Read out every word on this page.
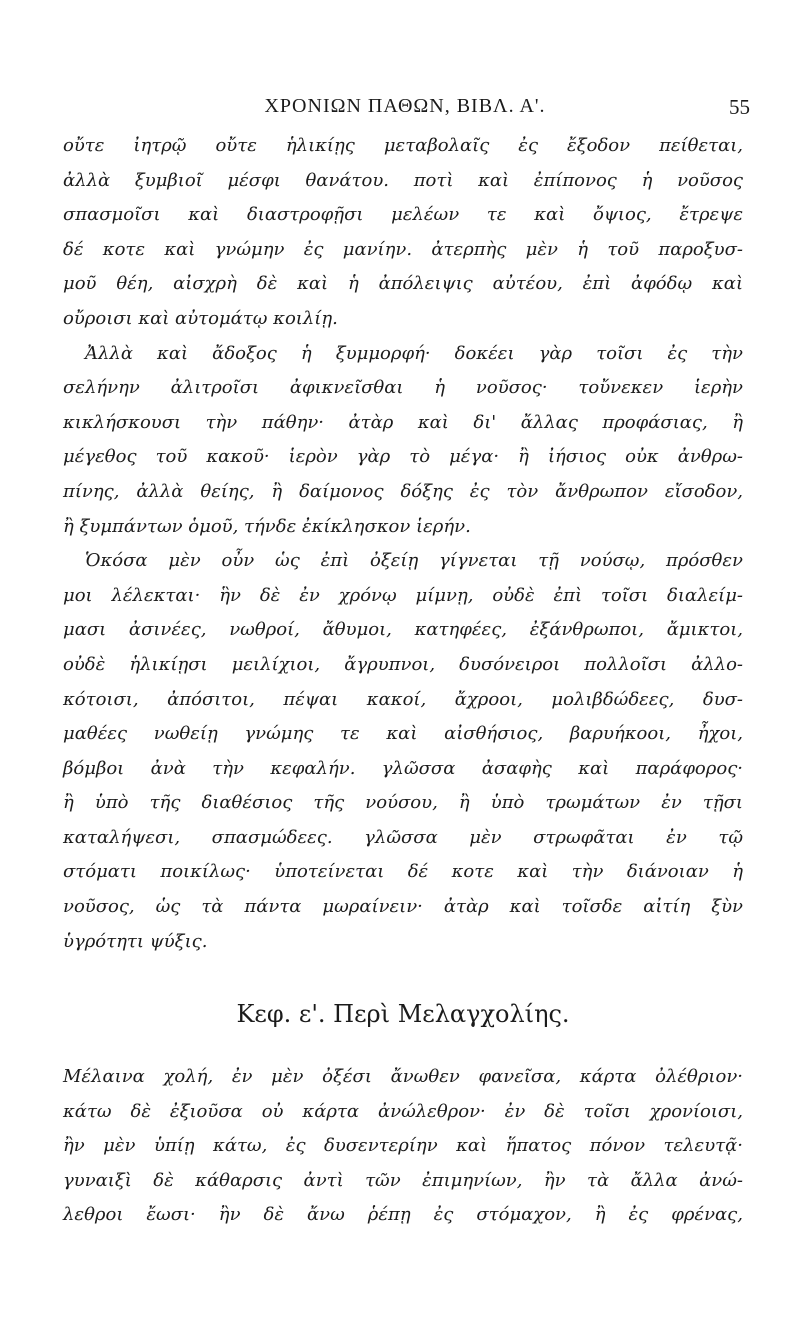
ΧΡΟΝΙΩΝ ΠΑΘΩΝ, ΒΙΒΛ. Α'.	55
οὔτε ἰητρῷ οὔτε ἡλικίῃς μεταβολαῖς ἐς ἔξοδον πείθεται,
ἀλλὰ ξυμβιοῖ μέσφι θανάτου. ποτὶ καὶ ἐπίπονος ἡ νοῦσος
σπασμοῖσι καὶ διαστροφῇσι μελέων τε καὶ ὄψιος, ἔτρεψε
δέ κοτε καὶ γνώμην ἐς μανίην. ἀτερπὴς μὲν ἡ τοῦ παροξυσ-
μοῦ θέη, αἰσχρὴ δὲ καὶ ἡ ἀπόλειψις αὐτέου, ἐπὶ ἀφόδῳ καὶ
οὔροισι καὶ αὐτομάτῳ κοιλίῃ.
Ἀλλὰ καὶ ἄδοξος ἡ ξυμμορφή· δοκέει γὰρ τοῖσι ἐς τὴν
σελήνην ἀλιτροῖσι ἀφικνεῖσθαι ἡ νοῦσος· τοὔνεκεν ἱερὴν
κικλήσκουσι τὴν πάθην· ἀτὰρ καὶ δι' ἄλλας προφάσιας, ἢ
μέγεθος τοῦ κακοῦ· ἱερὸν γὰρ τὸ μέγα· ἢ ἰήσιος οὐκ ἀνθρω-
πίνης, ἀλλὰ θείης, ἢ δαίμονος δόξης ἐς τὸν ἄνθρωπον εἴσοδον,
ἢ ξυμπάντων ὁμοῦ, τήνδε ἐκίκλησκον ἱερήν.
Ὁκόσα μὲν οὖν ὡς ἐπὶ ὀξείῃ γίγνεται τῇ νούσῳ, πρόσθεν
μοι λέλεκται· ἣν δὲ ἐν χρόνῳ μίμνῃ, οὐδὲ ἐπὶ τοῖσι διαλείμ-
μασι ἀσινέες, νωθροί, ἄθυμοι, κατηφέες, ἐξάνθρωποι, ἄμικτοι,
οὐδὲ ἡλικίῃσι μειλίχιοι, ἄγρυπνοι, δυσόνειροι πολλοῖσι ἀλλο-
κότοισι, ἀπόσιτοι, πέψαι κακοί, ἄχροοι, μολιβδώδεες, δυσ-
μαθέες νωθείῃ γνώμης τε καὶ αἰσθήσιος, βαρυήκοοι, ἦχοι,
βόμβοι ἀνὰ τὴν κεφαλήν. γλῶσσα ἀσαφὴς καὶ παράφορος·
ἢ ὑπὸ τῆς διαθέσιος τῆς νούσου, ἢ ὑπὸ τρωμάτων ἐν τῇσι
καταλήψεσι, σπασμώδεες. γλῶσσα μὲν στρωφᾶται ἐν τῷ
στόματι ποικίλως· ὑποτείνεται δέ κοτε καὶ τὴν διάνοιαν ἡ
νοῦσος, ὡς τὰ πάντα μωραίνειν· ἀτὰρ καὶ τοῖσδε αἰτίη ξὺν
ὑγρότητι ψύξις.
Κεφ. ε'. Περὶ Μελαγχολίης.
Μέλαινα χολή, ἐν μὲν ὀξέσι ἄνωθεν φανεῖσα, κάρτα ὀλέθριον·
κάτω δὲ ἐξιοῦσα οὐ κάρτα ἀνώλεθρον· ἐν δὲ τοῖσι χρονίοισι,
ἢν μὲν ὑπίῃ κάτω, ἐς δυσεντερίην καὶ ἥπατος πόνον τελευτᾷ·
γυναιξὶ δὲ κάθαρσις ἀντὶ τῶν ἐπιμηνίων, ἢν τὰ ἄλλα ἀνώ-
λεθροι ἔωσι· ἢν δὲ ἄνω ῥέπῃ ἐς στόμαχον, ἢ ἐς φρένας,
